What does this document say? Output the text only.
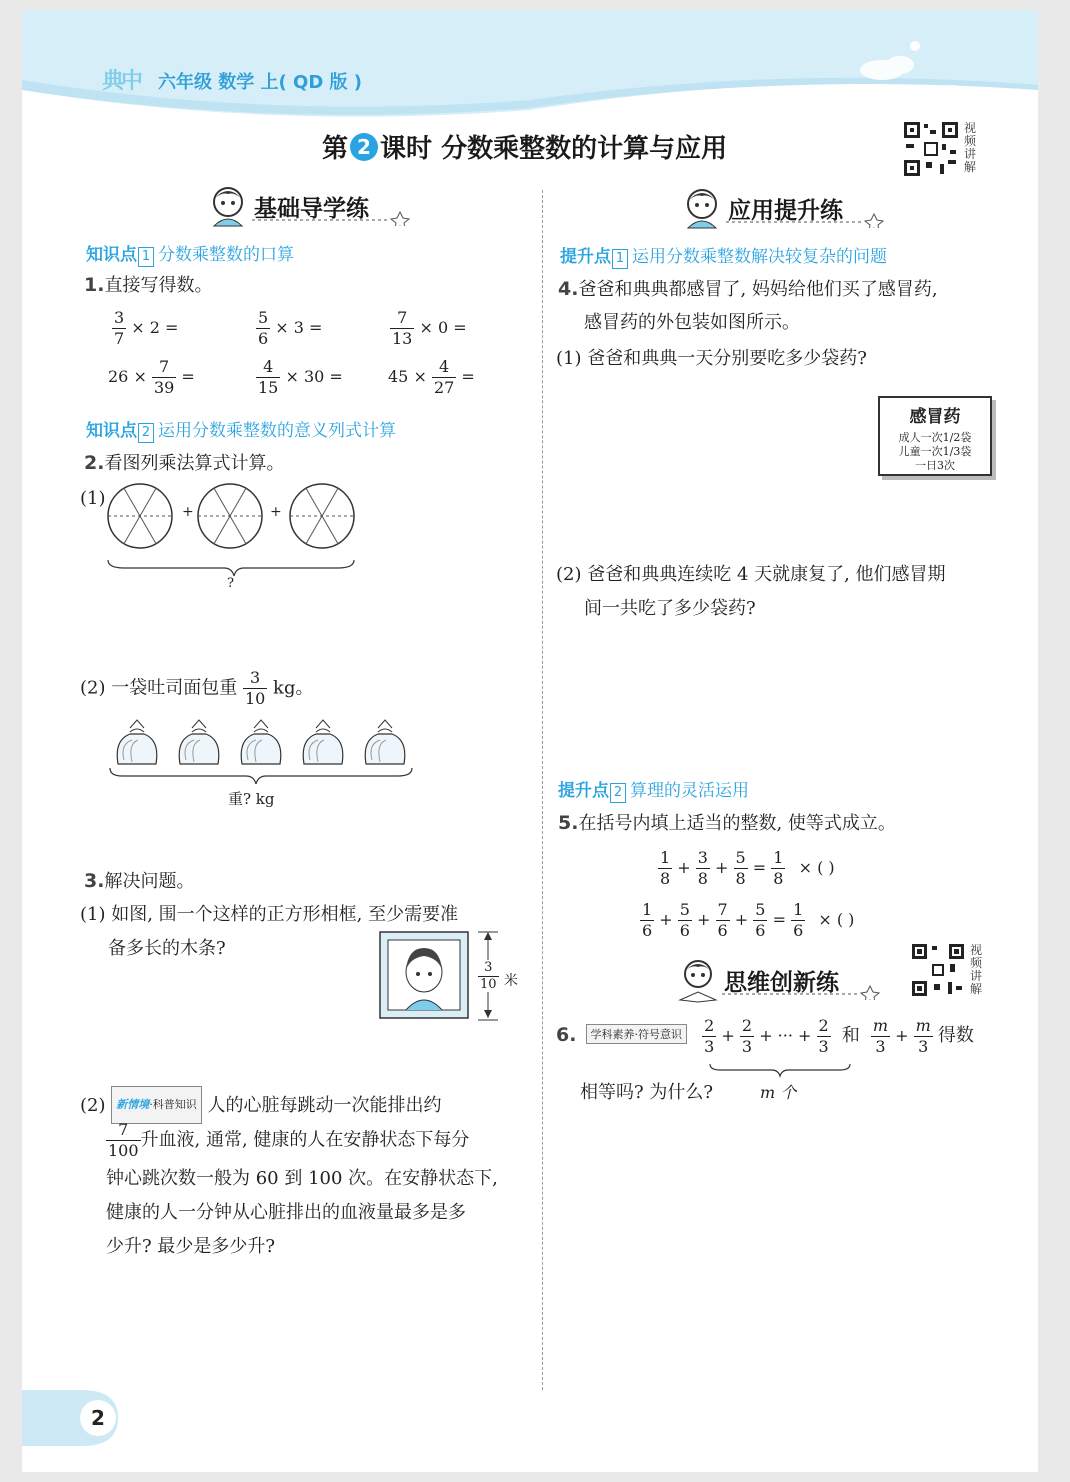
典中 六年级 数学 上( QD 版 )
第 2 课时 分数乘整数的计算与应用
视频讲解
基础导学练
知识点 1 分数乘整数的口算
1.直接写得数。
$\frac{3}{7} \times 2$ =	$\frac{5}{6} \times 3$ =	$\frac{7}{13} \times 0$ =
$26 \times \frac{7}{39}$ =	$\frac{4}{15} \times 30$ =	$45 \times \frac{4}{27}$ =
知识点 2 运用分数乘整数的意义列式计算
2.看图列乘法算式计算。
(1)
+	+
?
(2) 一袋吐司面包重 $\frac{3}{10}$ kg。
重? kg
3.解决问题。
(1) 如图, 围一个这样的正方形相框, 至少需要准
备多长的木条?
$\frac{3}{10}$ 米
(2) 新情境·科普知识 人的心脏每跳动一次能排出约
$\frac{7}{100}$ 升血液, 通常, 健康的人在安静状态下每分
钟心跳次数一般为 60 到 100 次。在安静状态下,
健康的人一分钟从心脏排出的血液量最多是多
少升? 最少是多少升?
应用提升练
提升点 1 运用分数乘整数解决较复杂的问题
4.爸爸和典典都感冒了, 妈妈给他们买了感冒药,
感冒药的外包装如图所示。
(1) 爸爸和典典一天分别要吃多少袋药?
感冒药
成人一次1/2袋
儿童一次1/3袋
一日3次
(2) 爸爸和典典连续吃 4 天就康复了, 他们感冒期
间一共吃了多少袋药?
提升点 2 算理的灵活运用
5.在括号内填上适当的整数, 使等式成立。
$\frac{1}{8} + \frac{3}{8} + \frac{5}{8} = \frac{1}{8}$ × ( )
$\frac{1}{6} + \frac{5}{6} + \frac{7}{6} + \frac{5}{6} = \frac{1}{6}$ × ( )
视频讲解
思维创新练
6. 学科素养·符号意识 $\frac{2}{3} + \frac{2}{3}$ + ··· + $\frac{2}{3}$ 和 $\frac{m}{3} + \frac{m}{3}$ 得数
相等吗? 为什么?	m 个
2
